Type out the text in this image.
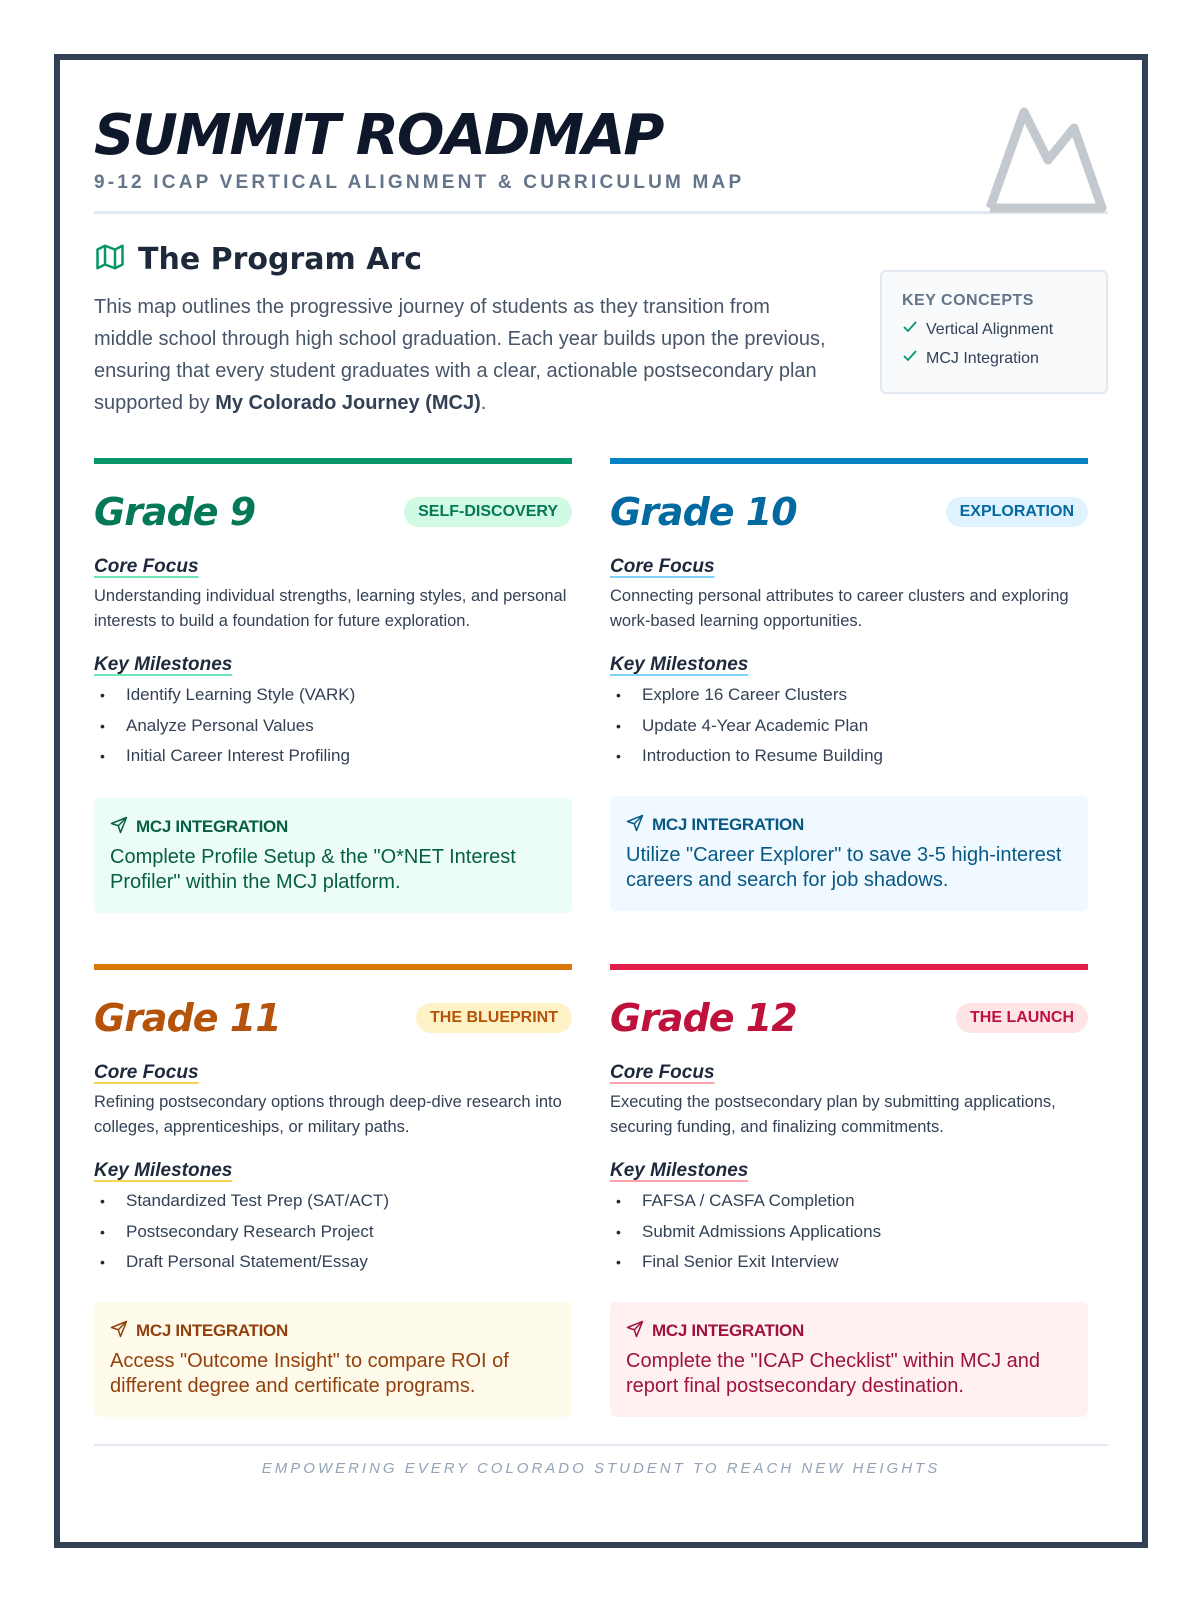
SUMMIT ROADMAP
9-12 ICAP VERTICAL ALIGNMENT & CURRICULUM MAP
The Program Arc

This map outlines the progressive journey of students as they transition from middle school through high school graduation. Each year builds upon the previous, ensuring that every student graduates with a clear, actionable postsecondary plan supported by My Colorado Journey (MCJ).

KEY CONCEPTS
Vertical Alignment
MCJ Integration
Grade 9	SELF-DISCOVERY
Core Focus

Understanding individual strengths, learning styles, and personal interests to build a foundation for future exploration.

Key Milestones
• Identify Learning Style (VARK)
• Analyze Personal Values
• Initial Career Interest Profiling
MCJ INTEGRATION

Complete Profile Setup & the "O*NET Interest Profiler" within the MCJ platform.

Grade 10	EXPLORATION
Core Focus

Connecting personal attributes to career clusters and exploring work-based learning opportunities.

Key Milestones
• Explore 16 Career Clusters
• Update 4-Year Academic Plan
• Introduction to Resume Building
MCJ INTEGRATION

Utilize "Career Explorer" to save 3-5 high-interest careers and search for job shadows.

Grade 11	THE BLUEPRINT
Core Focus

Refining postsecondary options through deep-dive research into colleges, apprenticeships, or military paths.

Key Milestones
• Standardized Test Prep (SAT/ACT)
• Postsecondary Research Project
• Draft Personal Statement/Essay
MCJ INTEGRATION

Access "Outcome Insight" to compare ROI of different degree and certificate programs.

Grade 12	THE LAUNCH
Core Focus

Executing the postsecondary plan by submitting applications, securing funding, and finalizing commitments.

Key Milestones
• FAFSA / CASFA Completion
• Submit Admissions Applications
• Final Senior Exit Interview
MCJ INTEGRATION

Complete the "ICAP Checklist" within MCJ and report final postsecondary destination.

EMPOWERING EVERY COLORADO STUDENT TO REACH NEW HEIGHTS
